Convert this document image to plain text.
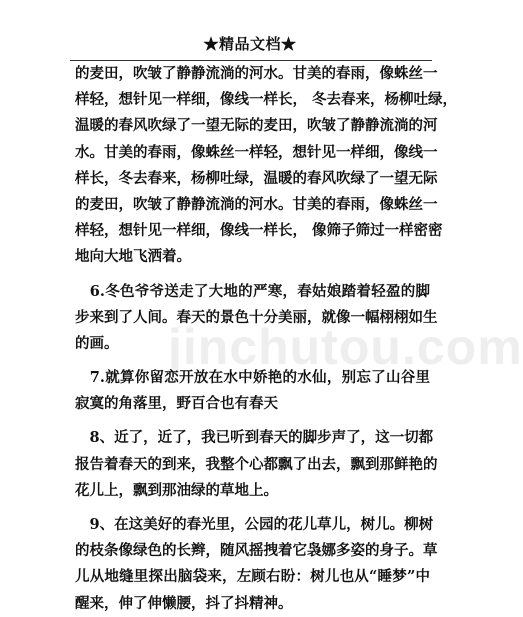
★精品文档★
jinchutou.com
的麦田，吹皱了静静流淌的河水。甘美的春雨，像蛛丝一
样轻，想针见一样细，像线一样长， 冬去春来，杨柳吐绿，
温暖的春风吹绿了一望无际的麦田，吹皱了静静流淌的河
水。甘美的春雨，像蛛丝一样轻，想针见一样细，像线一
样长，冬去春来，杨柳吐绿，温暖的春风吹绿了一望无际
的麦田，吹皱了静静流淌的河水。甘美的春雨，像蛛丝一
样轻，想针见一样细，像线一样长， 像筛子筛过一样密密
地向大地飞洒着。
　6.冬色爷爷送走了大地的严寒，春姑娘踏着轻盈的脚
步来到了人间。春天的景色十分美丽，就像一幅栩栩如生
的画。
　7.就算你留恋开放在水中娇艳的水仙，别忘了山谷里
寂寞的角落里，野百合也有春天
　8、近了，近了，我已听到春天的脚步声了，这一切都
报告着春天的到来，我整个心都飘了出去，飘到那鲜艳的
花儿上，飘到那油绿的草地上。
　9、在这美好的春光里，公园的花儿草儿，树儿。柳树
的枝条像绿色的长辫，随风摇拽着它袅娜多姿的身子。草
儿从地缝里探出脑袋来，左顾右盼：树儿也从“睡梦”中
醒来，伸了伸懒腰，抖了抖精神。
